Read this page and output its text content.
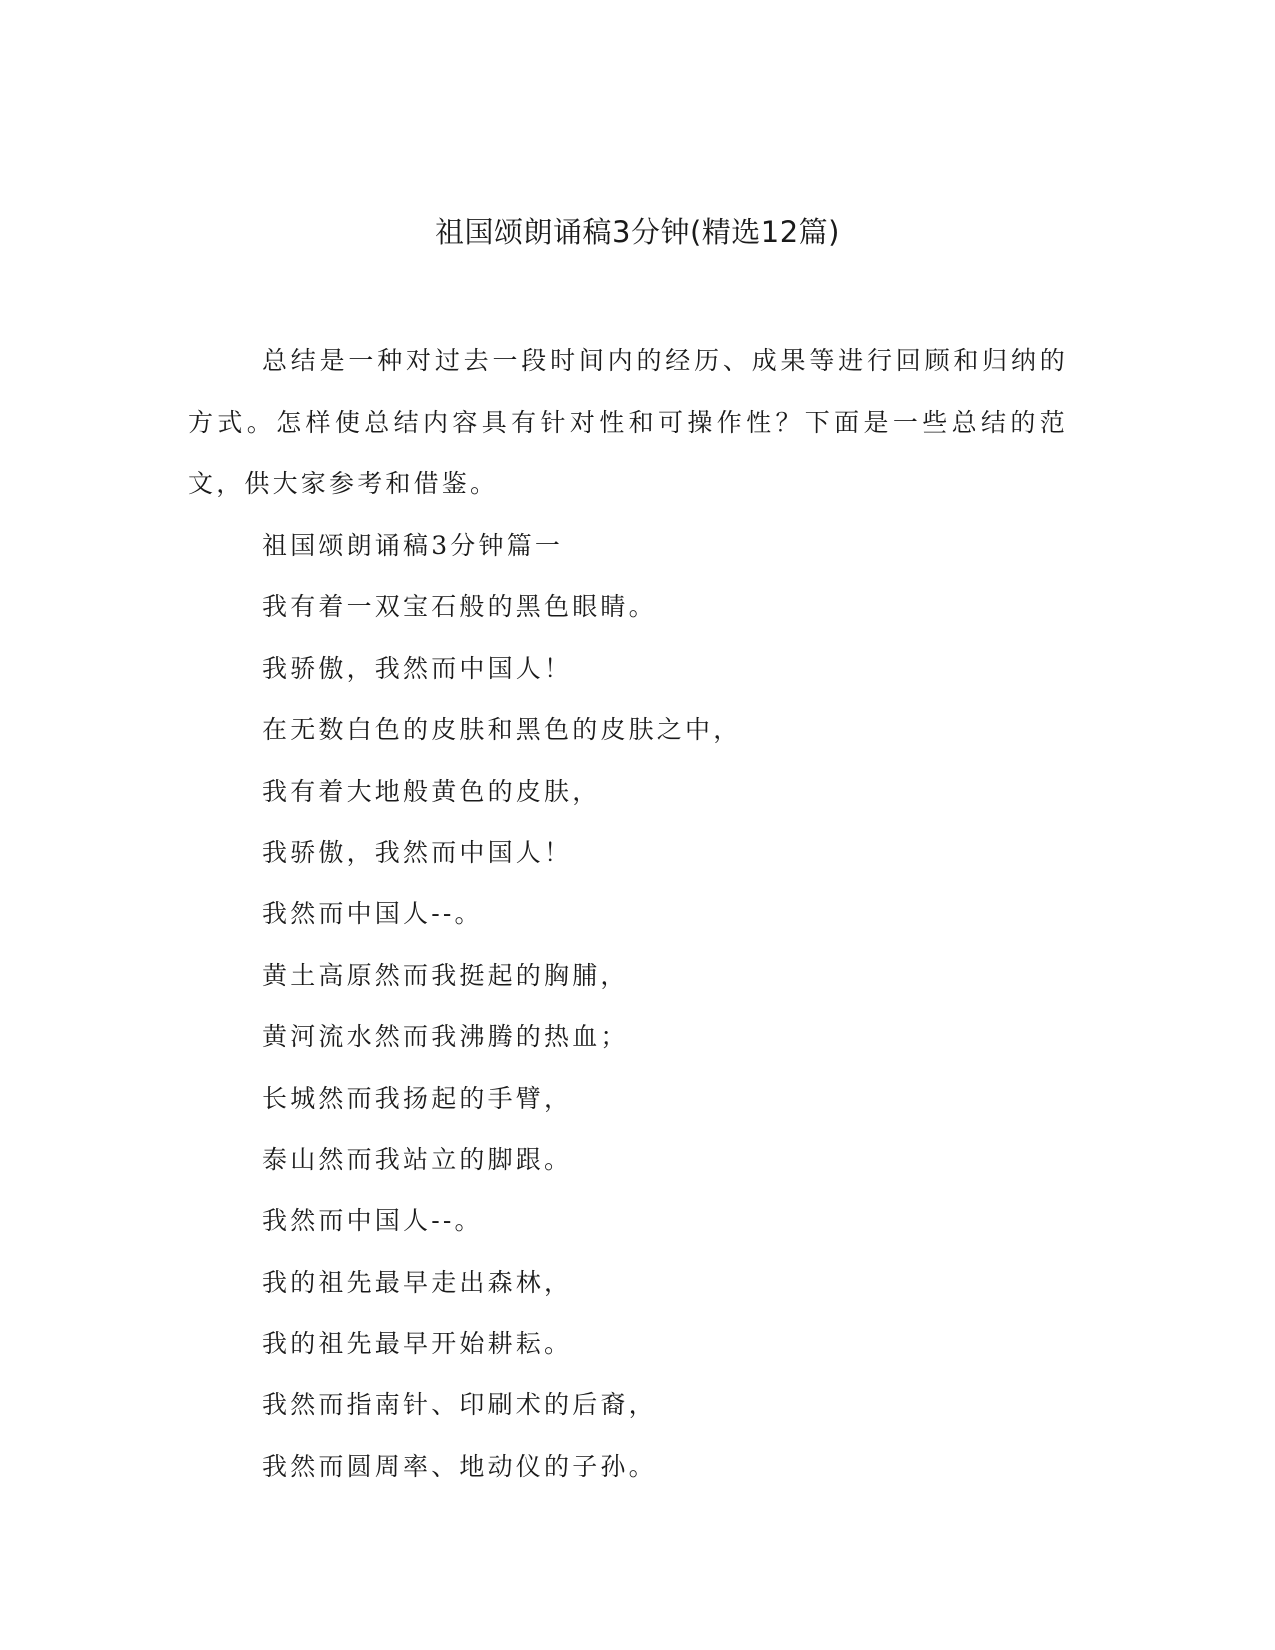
祖国颂朗诵稿3分钟(精选12篇)

总结是一种对过去一段时间内的经历、成果等进行回顾和归纳的方式。怎样使总结内容具有针对性和可操作性？下面是一些总结的范文，供大家参考和借鉴。

祖国颂朗诵稿3分钟篇一
我有着一双宝石般的黑色眼睛。
我骄傲，我然而中国人！
在无数白色的皮肤和黑色的皮肤之中，
我有着大地般黄色的皮肤，
我骄傲，我然而中国人！
我然而中国人--。
黄土高原然而我挺起的胸脯，
黄河流水然而我沸腾的热血；
长城然而我扬起的手臂，
泰山然而我站立的脚跟。
我然而中国人--。
我的祖先最早走出森林，
我的祖先最早开始耕耘。
我然而指南针、印刷术的后裔，
我然而圆周率、地动仪的子孙。
